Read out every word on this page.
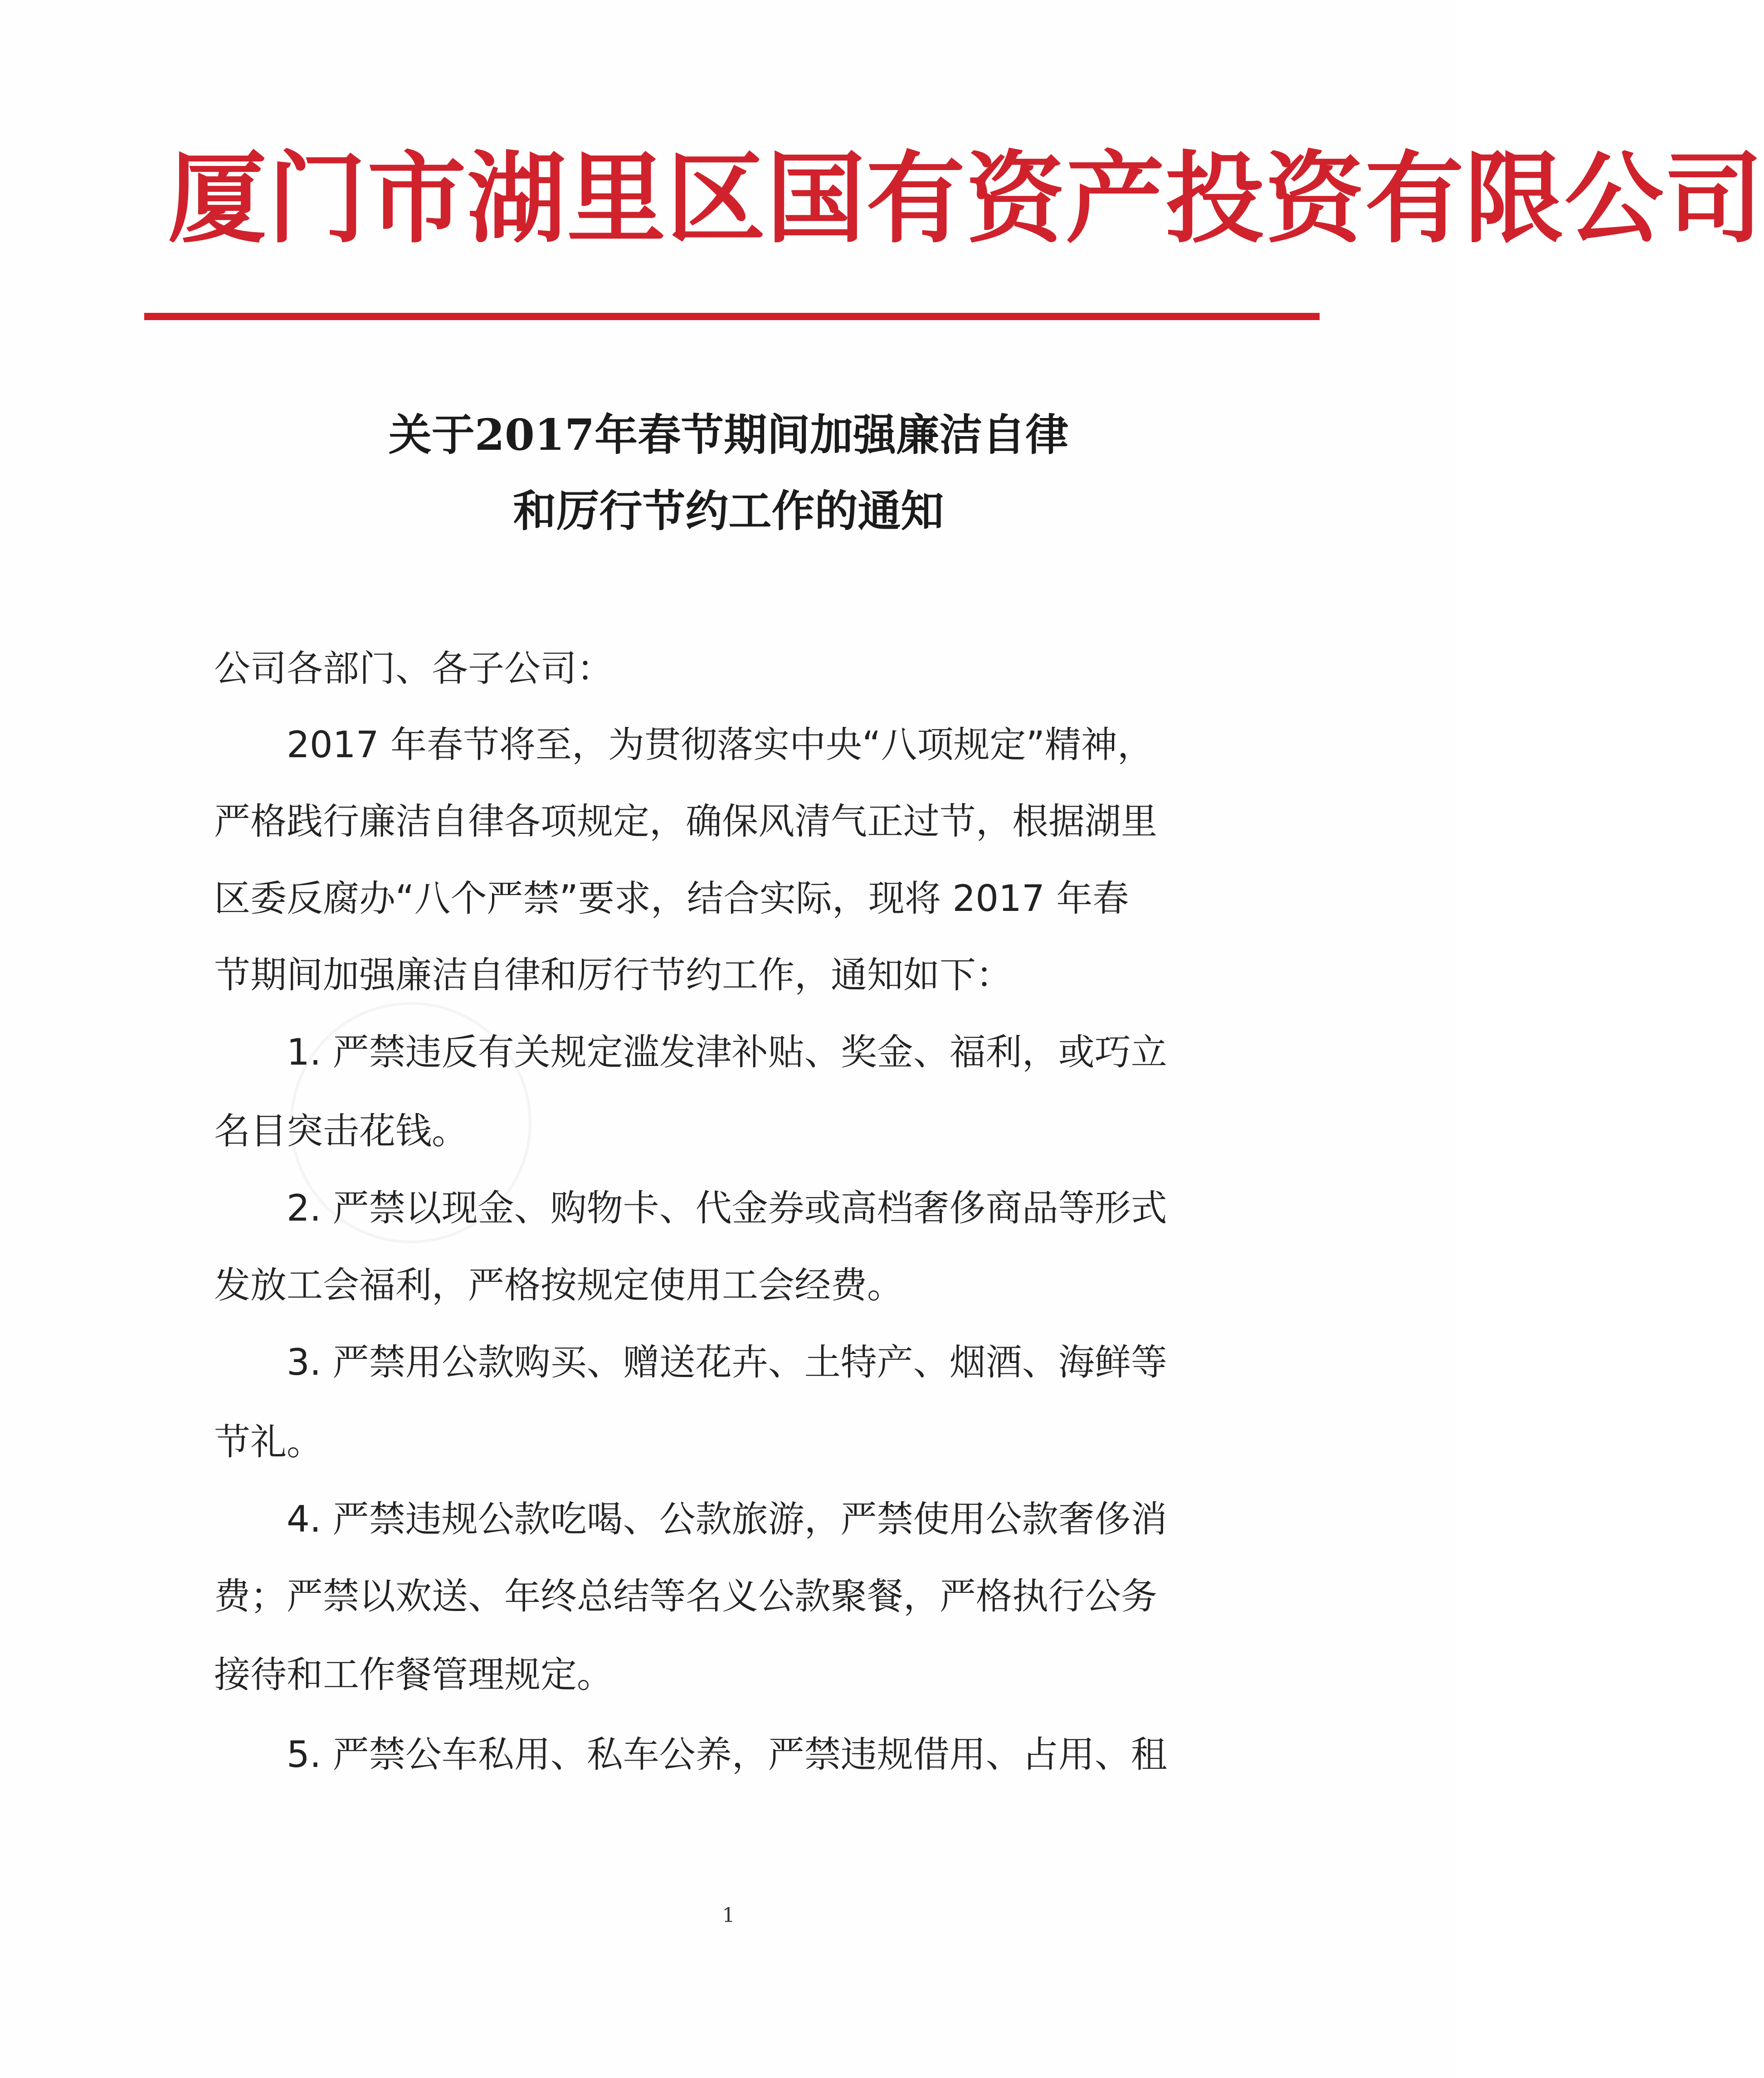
厦门市湖里区国有资产投资有限公司
关于2017年春节期间加强廉洁自律
和厉行节约工作的通知
公司各部门、各子公司：
2017 年春节将至，为贯彻落实中央“八项规定”精神，
严格践行廉洁自律各项规定，确保风清气正过节，根据湖里
区委反腐办“八个严禁”要求，结合实际，现将 2017 年春
节期间加强廉洁自律和厉行节约工作，通知如下：
1. 严禁违反有关规定滥发津补贴、奖金、福利，或巧立
名目突击花钱。
2. 严禁以现金、购物卡、代金券或高档奢侈商品等形式
发放工会福利，严格按规定使用工会经费。
3. 严禁用公款购买、赠送花卉、土特产、烟酒、海鲜等
节礼。
4. 严禁违规公款吃喝、公款旅游，严禁使用公款奢侈消
费；严禁以欢送、年终总结等名义公款聚餐，严格执行公务
接待和工作餐管理规定。
5. 严禁公车私用、私车公养，严禁违规借用、占用、租
1
